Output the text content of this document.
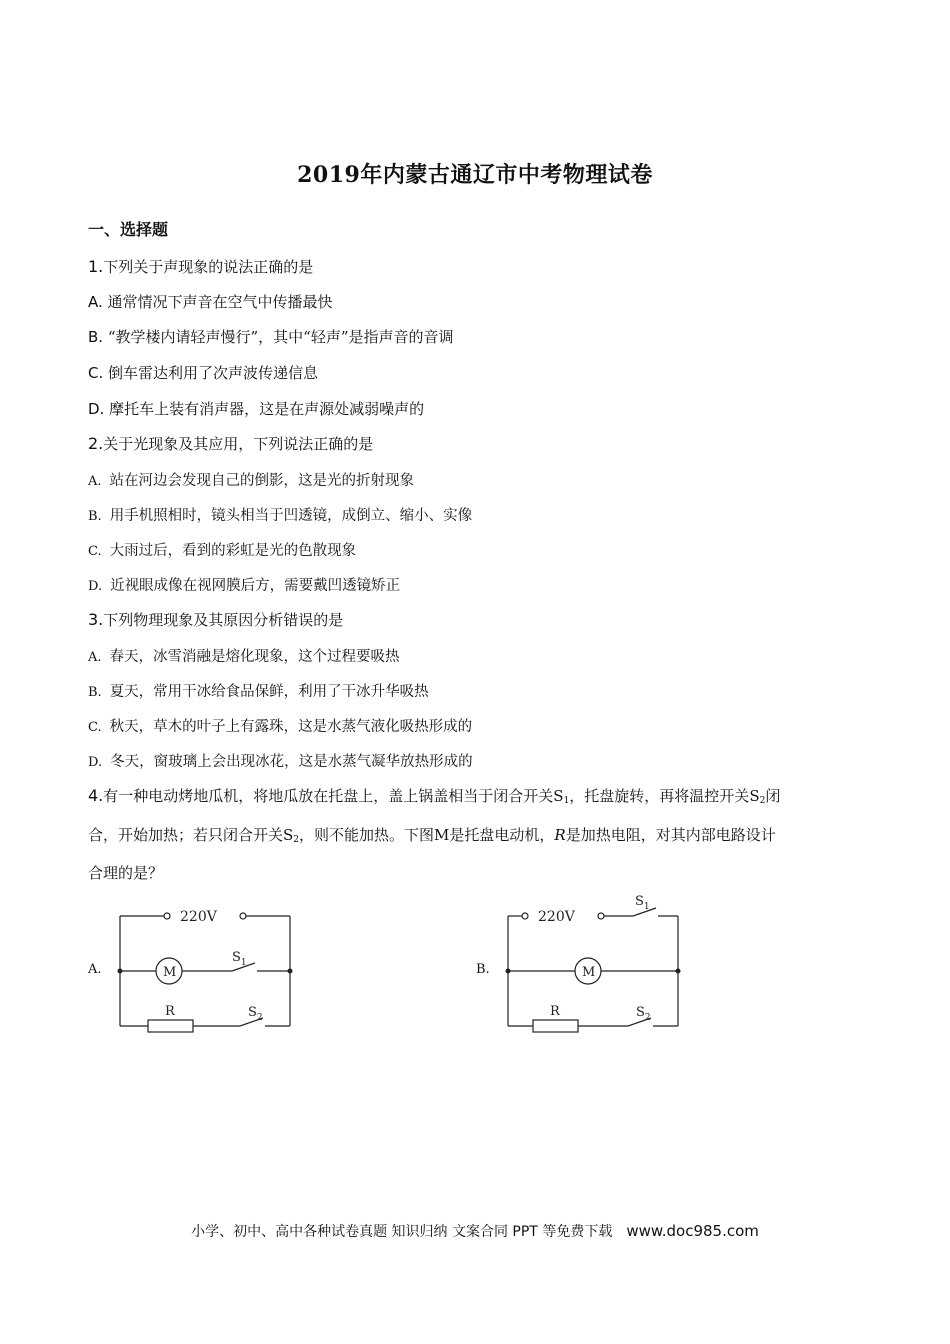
2019年内蒙古通辽市中考物理试卷
一、选择题
1.下列关于声现象的说法正确的是
A. 通常情况下声音在空气中传播最快
B. “教学楼内请轻声慢行”，其中“轻声”是指声音的音调
C. 倒车雷达利用了次声波传递信息
D. 摩托车上装有消声器，这是在声源处减弱噪声的
2.关于光现象及其应用，下列说法正确的是
A. 站在河边会发现自己的倒影，这是光的折射现象
B. 用手机照相时，镜头相当于凹透镜，成倒立、缩小、实像
C. 大雨过后，看到的彩虹是光的色散现象
D. 近视眼成像在视网膜后方，需要戴凹透镜矫正
3.下列物理现象及其原因分析错误的是
A. 春天，冰雪消融是熔化现象，这个过程要吸热
B. 夏天，常用干冰给食品保鲜，利用了干冰升华吸热
C. 秋天，草木的叶子上有露珠，这是水蒸气液化吸热形成的
D. 冬天，窗玻璃上会出现冰花，这是水蒸气凝华放热形成的
4.有一种电动烤地瓜机，将地瓜放在托盘上，盖上锅盖相当于闭合开关$S_1$，托盘旋转，再将温控开关$S_2$闭
合，开始加热；若只闭合开关$S_2$，则不能加热。下图M是托盘电动机，R是加热电阻，对其内部电路设计
合理的是？
A.
220V
M
$S_1$
R	$S_2$
B.
220V
M
$S_1$
R	$S_2$
小学、初中、高中各种试卷真题 知识归纳 文案合同 PPT 等免费下载 www.doc985.com
